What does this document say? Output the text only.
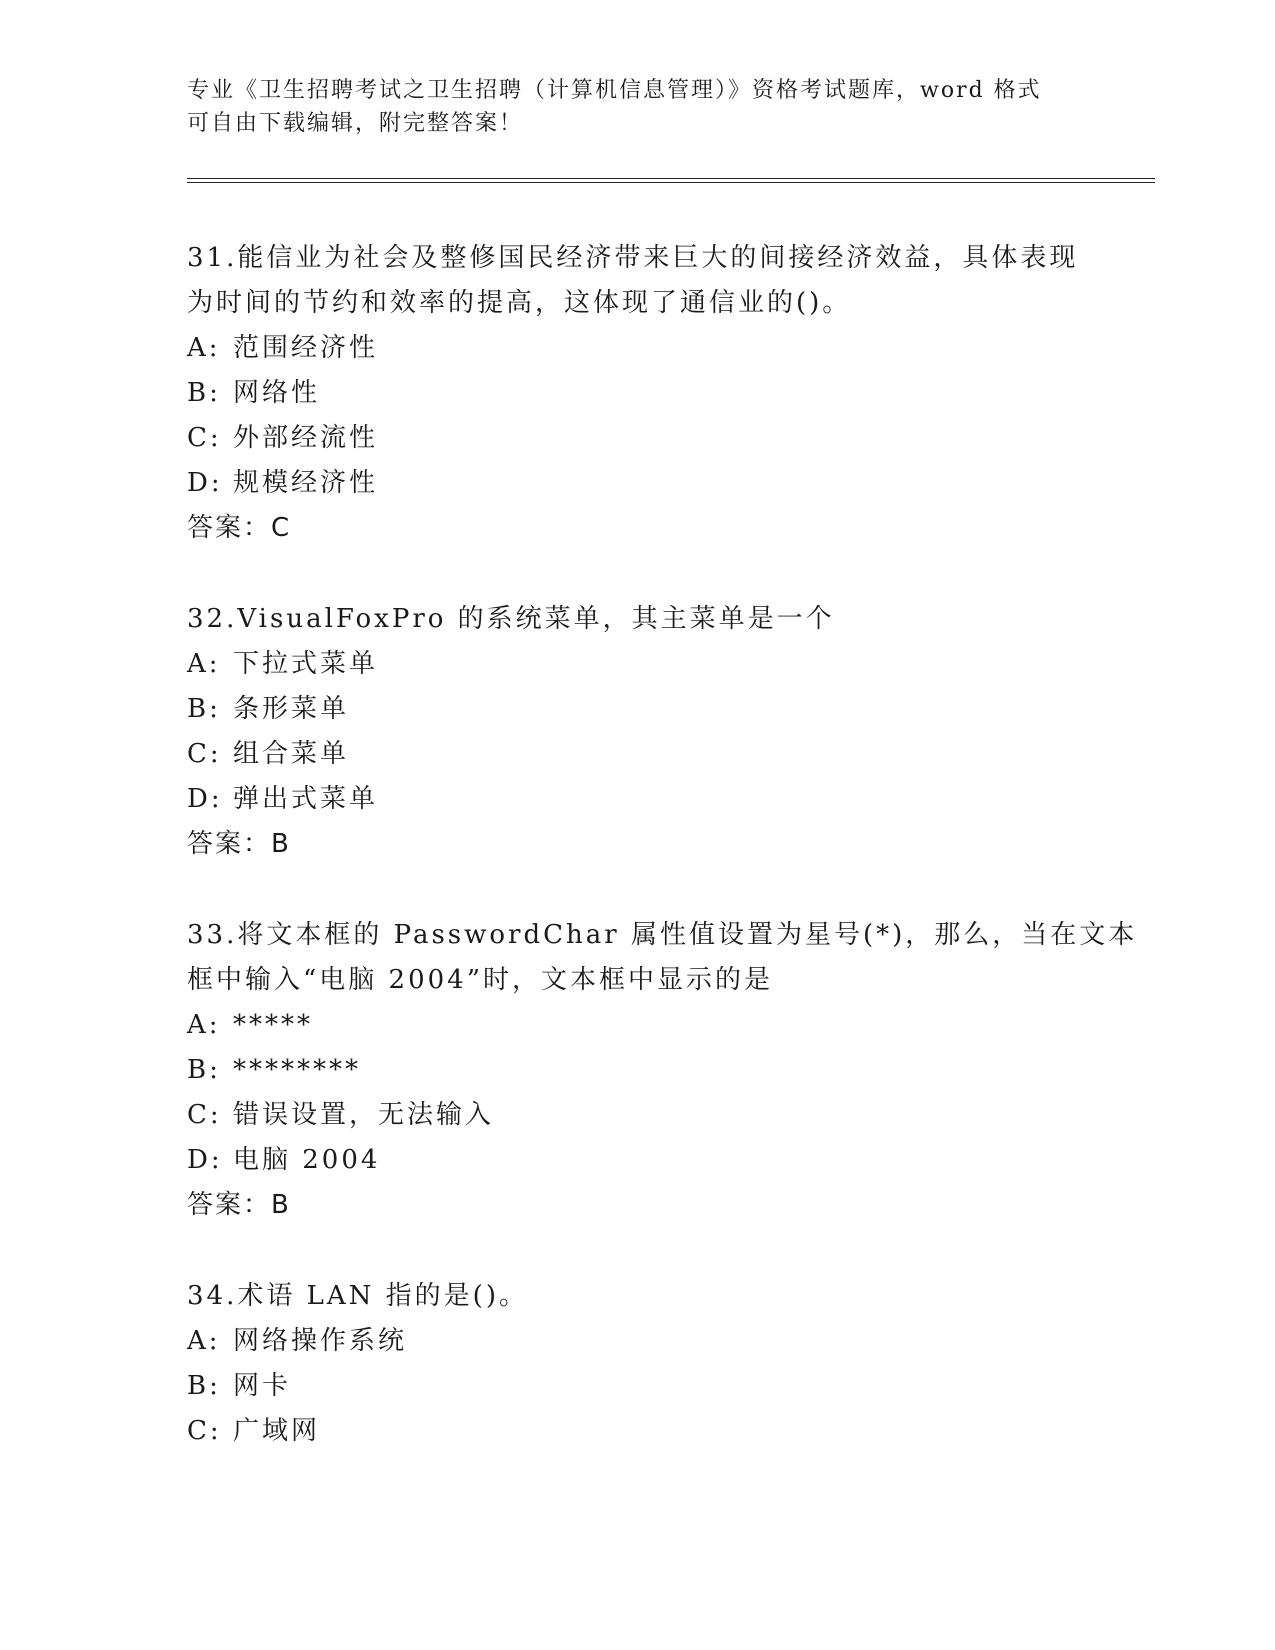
专业《卫生招聘考试之卫生招聘（计算机信息管理）》资格考试题库，word 格式
可自由下载编辑，附完整答案！
31.能信业为社会及整修国民经济带来巨大的间接经济效益，具体表现
为时间的节约和效率的提高，这体现了通信业的()。
A: 范围经济性
B: 网络性
C: 外部经流性
D: 规模经济性
答案：C
32.VisualFoxPro 的系统菜单，其主菜单是一个
A: 下拉式菜单
B: 条形菜单
C: 组合菜单
D: 弹出式菜单
答案：B
33.将文本框的 PasswordChar 属性值设置为星号(*)，那么，当在文本
框中输入“电脑 2004”时，文本框中显示的是
A: *****
B: ********
C: 错误设置，无法输入
D: 电脑 2004
答案：B
34.术语 LAN 指的是()。
A: 网络操作系统
B: 网卡
C: 广域网
